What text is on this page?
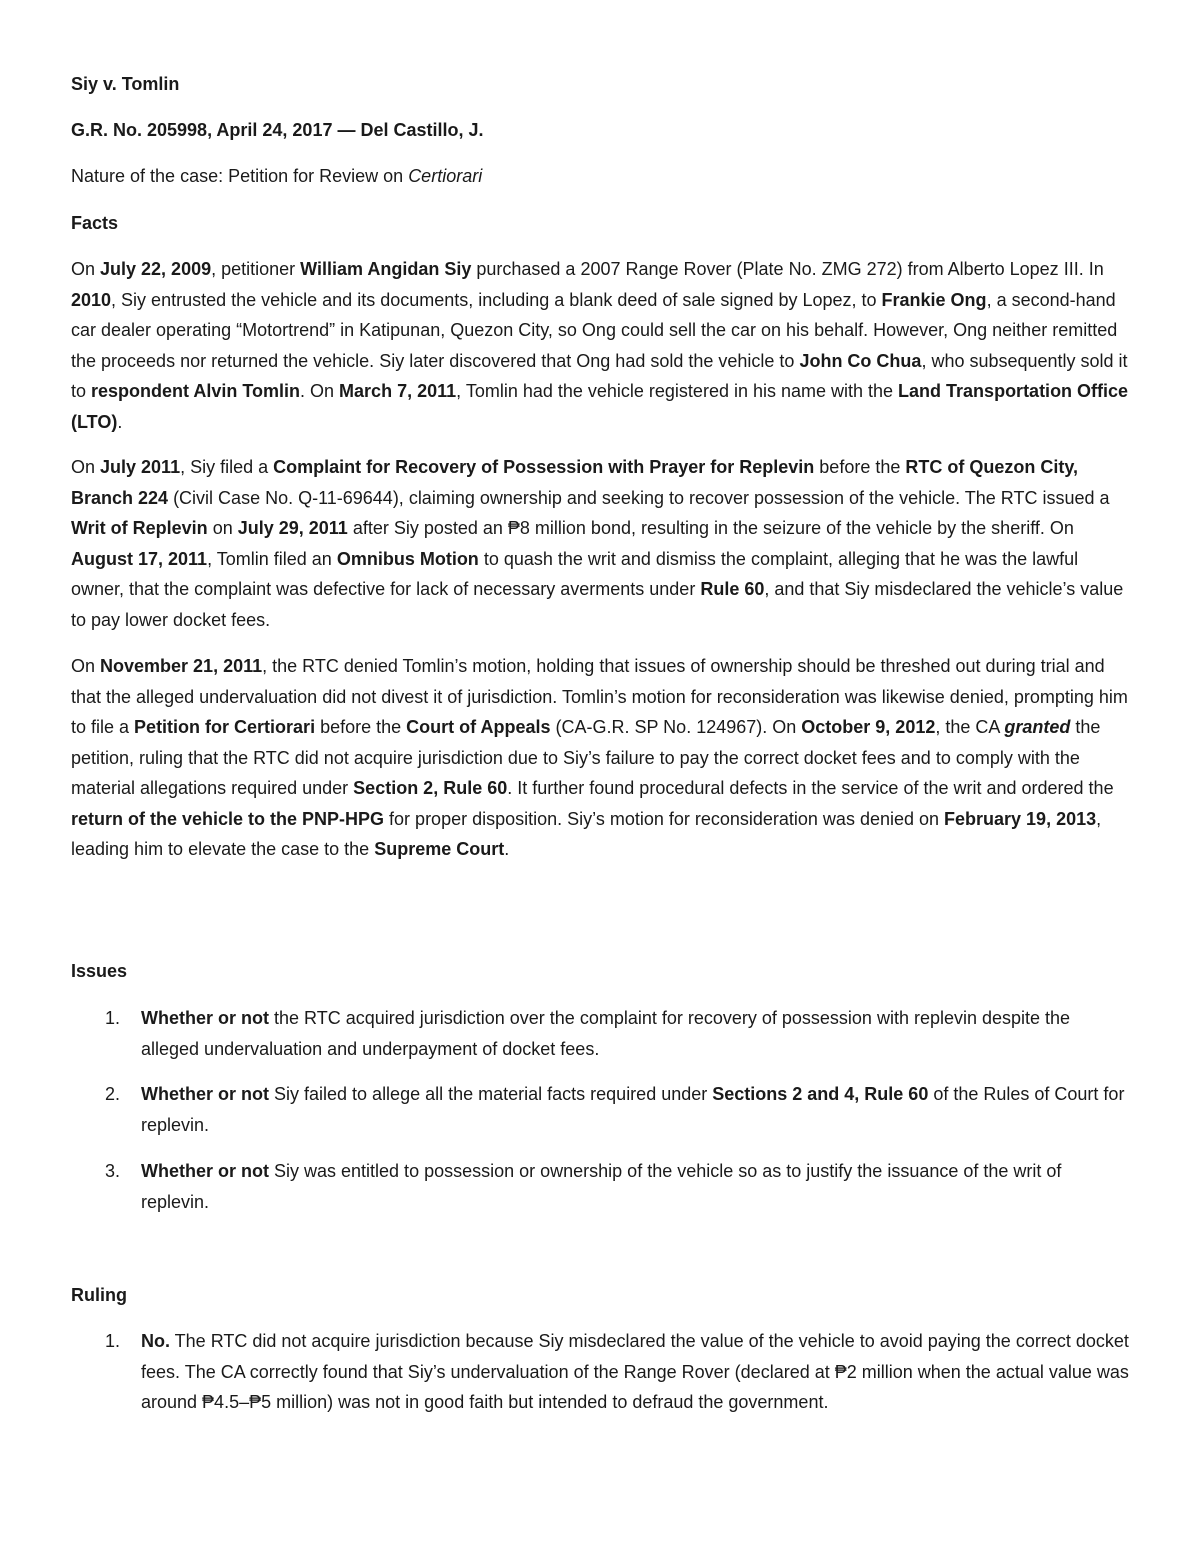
Siy v. Tomlin

G.R. No. 205998, April 24, 2017 — Del Castillo, J.

Nature of the case: Petition for Review on Certiorari

Facts

On July 22, 2009, petitioner William Angidan Siy purchased a 2007 Range Rover (Plate No. ZMG 272) from Alberto Lopez III. In 2010, Siy entrusted the vehicle and its documents, including a blank deed of sale signed by Lopez, to Frankie Ong, a second-hand car dealer operating “Motortrend” in Katipunan, Quezon City, so Ong could sell the car on his behalf. However, Ong neither remitted the proceeds nor returned the vehicle. Siy later discovered that Ong had sold the vehicle to John Co Chua, who subsequently sold it to respondent Alvin Tomlin. On March 7, 2011, Tomlin had the vehicle registered in his name with the Land Transportation Office (LTO).

On July 2011, Siy filed a Complaint for Recovery of Possession with Prayer for Replevin before the RTC of Quezon City, Branch 224 (Civil Case No. Q-11-69644), claiming ownership and seeking to recover possession of the vehicle. The RTC issued a Writ of Replevin on July 29, 2011 after Siy posted an ₱8 million bond, resulting in the seizure of the vehicle by the sheriff. On August 17, 2011, Tomlin filed an Omnibus Motion to quash the writ and dismiss the complaint, alleging that he was the lawful owner, that the complaint was defective for lack of necessary averments under Rule 60, and that Siy misdeclared the vehicle’s value to pay lower docket fees.

On November 21, 2011, the RTC denied Tomlin’s motion, holding that issues of ownership should be threshed out during trial and that the alleged undervaluation did not divest it of jurisdiction. Tomlin’s motion for reconsideration was likewise denied, prompting him to file a Petition for Certiorari before the Court of Appeals (CA-G.R. SP No. 124967). On October 9, 2012, the CA granted the petition, ruling that the RTC did not acquire jurisdiction due to Siy’s failure to pay the correct docket fees and to comply with the material allegations required under Section 2, Rule 60. It further found procedural defects in the service of the writ and ordered the return of the vehicle to the PNP-HPG for proper disposition. Siy’s motion for reconsideration was denied on February 19, 2013, leading him to elevate the case to the Supreme Court.

Issues

1. Whether or not the RTC acquired jurisdiction over the complaint for recovery of possession with replevin despite the alleged undervaluation and underpayment of docket fees.
2. Whether or not Siy failed to allege all the material facts required under Sections 2 and 4, Rule 60 of the Rules of Court for replevin.
3. Whether or not Siy was entitled to possession or ownership of the vehicle so as to justify the issuance of the writ of replevin.

Ruling

1. No. The RTC did not acquire jurisdiction because Siy misdeclared the value of the vehicle to avoid paying the correct docket fees. The CA correctly found that Siy’s undervaluation of the Range Rover (declared at ₱2 million when the actual value was around ₱4.5–₱5 million) was not in good faith but intended to defraud the government.
